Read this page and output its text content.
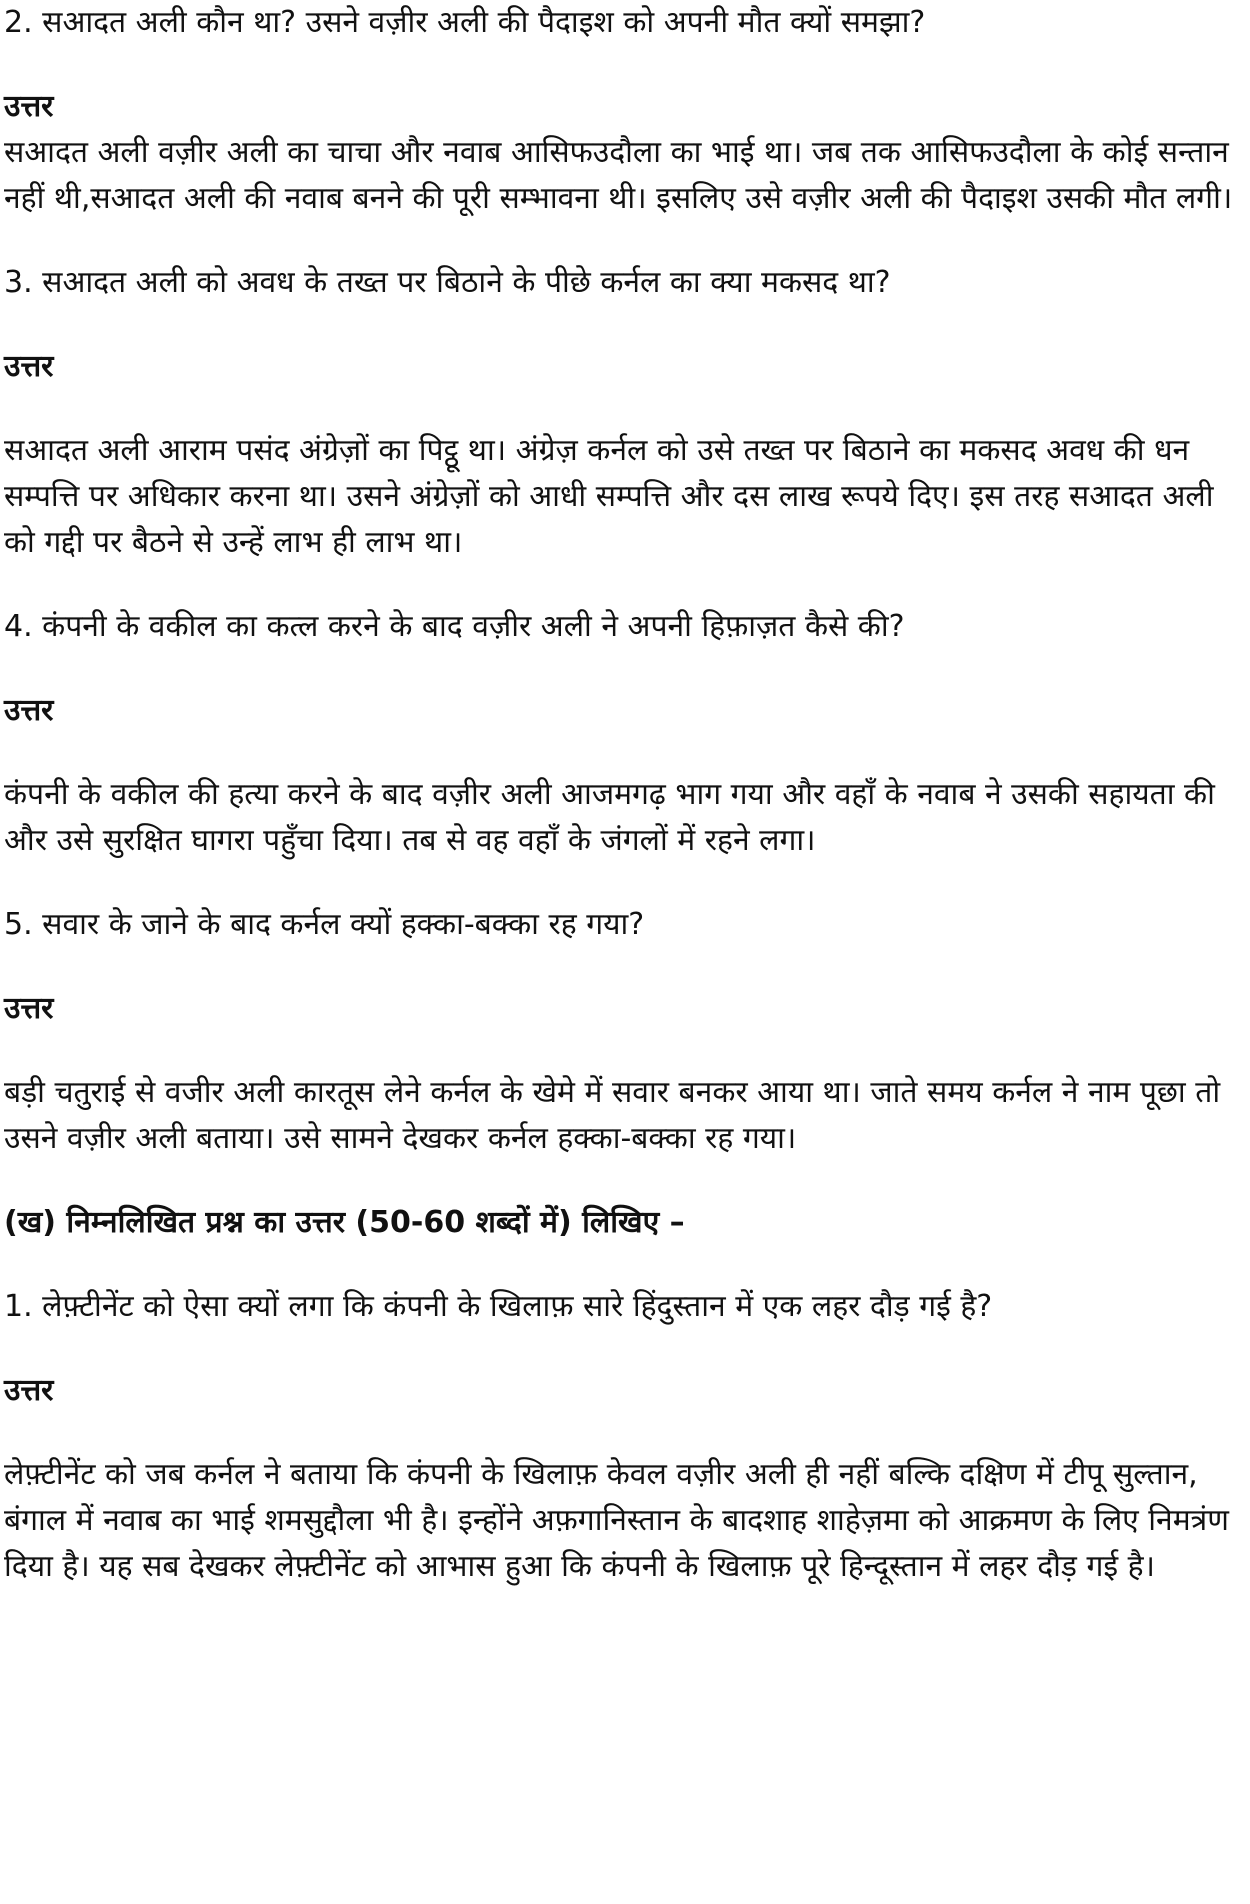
2. सआदत अली कौन था? उसने वज़ीर अली की पैदाइश को अपनी मौत क्यों समझा?

उत्तर

सआदत अली वज़ीर अली का चाचा और नवाब आसिफउदौला का भाई था। जब तक आसिफउदौला के कोई सन्तान नहीं थी,सआदत अली की नवाब बनने की पूरी सम्भावना थी। इसलिए उसे वज़ीर अली की पैदाइश उसकी मौत लगी।

3. सआदत अली को अवध के तख्त पर बिठाने के पीछे कर्नल का क्या मकसद था?

उत्तर

सआदत अली आराम पसंद अंग्रेज़ों का पिट्ठू था। अंग्रेज़ कर्नल को उसे तख्त पर बिठाने का मकसद अवध की धन सम्पत्ति पर अधिकार करना था। उसने अंग्रेज़ों को आधी सम्पत्ति और दस लाख रूपये दिए। इस तरह सआदत अली को गद्दी पर बैठने से उन्हें लाभ ही लाभ था।

4. कंपनी के वकील का कत्ल करने के बाद वज़ीर अली ने अपनी हिफ़ाज़त कैसे की?

उत्तर

कंपनी के वकील की हत्या करने के बाद वज़ीर अली आजमगढ़ भाग गया और वहाँ के नवाब ने उसकी सहायता की और उसे सुरक्षित घागरा पहुँचा दिया। तब से वह वहाँ के जंगलों में रहने लगा।

5. सवार के जाने के बाद कर्नल क्यों हक्का-बक्का रह गया?

उत्तर

बड़ी चतुराई से वजीर अली कारतूस लेने कर्नल के खेमे में सवार बनकर आया था। जाते समय कर्नल ने नाम पूछा तो उसने वज़ीर अली बताया। उसे सामने देखकर कर्नल हक्का-बक्का रह गया।

(ख) निम्नलिखित प्रश्न का उत्तर (50-60 शब्दों में) लिखिए –

1. लेफ़्टीनेंट को ऐसा क्यों लगा कि कंपनी के खिलाफ़ सारे हिंदुस्तान में एक लहर दौड़ गई है?

उत्तर

लेफ़्टीनेंट को जब कर्नल ने बताया कि कंपनी के खिलाफ़ केवल वज़ीर अली ही नहीं बल्कि दक्षिण में टीपू सुल्तान, बंगाल में नवाब का भाई शमसुद्दौला भी है। इन्होंने अफ़गानिस्तान के बादशाह शाहेज़मा को आक्रमण के लिए निमत्रंण दिया है। यह सब देखकर लेफ़्टीनेंट को आभास हुआ कि कंपनी के खिलाफ़ पूरे हिन्दूस्तान में लहर दौड़ गई है।
